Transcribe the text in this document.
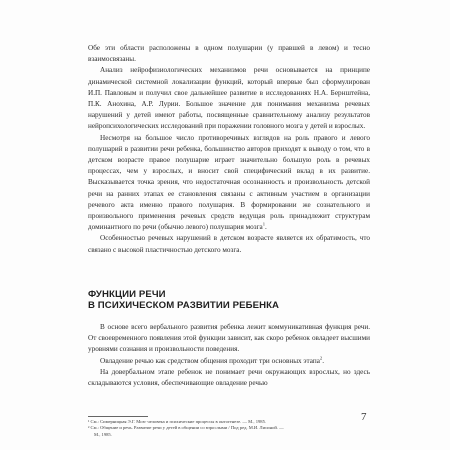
Обе эти области расположены в одном полушарии (у правшей в левом) и тесно взаимосвязаны.

Анализ нейрофизиологических механизмов речи основывается на принципе динамической системной локализации функций, который впервые был сформулирован И.П. Павловым и получил свое дальнейшее развитие в исследованиях Н.А. Бернштейна, П.К. Анохина, А.Р. Лурии. Большое значение для понимания механизма речевых нарушений у детей имеют работы, посвященные сравнительному анализу результатов нейропсихологических исследований при поражении головного мозга у детей и взрослых.

Несмотря на большое число противоречивых взглядов на роль правого и левого полушарий в развитии речи ребенка, большинство авторов приходят к выводу о том, что в детском возрасте правое полушарие играет значительно большую роль в речевых процессах, чем у взрослых, и вносит свой специфический вклад в их развитие. Высказывается точка зрения, что недостаточная осознанность и произвольность детской речи на ранних этапах ее становления связаны с активным участием в организации речевого акта именно правого полушария. В формировании же сознательного и произвольного применения речевых средств ведущая роль принадлежит структурам доминантного по речи (обычно левого) полушария мозга$^1$.

Особенностью речевых нарушений в детском возрасте является их обратимость, что связано с высокой пластичностью детского мозга.

ФУНКЦИИ РЕЧИ
В ПСИХИЧЕСКОМ РАЗВИТИИ РЕБЕНКА

В основе всего вербального развития ребенка лежит коммуникативная функция речи. От своевременного появления этой функции зависит, как скоро ребенок овладеет высшими уровнями сознания и произвольности поведения.

Овладение речью как средством общения проходит три основных этапа$^2$.

На довербальном этапе ребенок не понимает речи окружающих взрослых, но здесь складываются условия, обеспечивающие овладение речью

¹ См.: Симерницкая Э.Г. Мозг человека и психические процессы в онтогенезе. — М., 1985.

² См.: Общение и речь. Развитие речи у детей в общении со взрослыми / Под ред. М.И. Лисиной. —

М., 1985.

7
